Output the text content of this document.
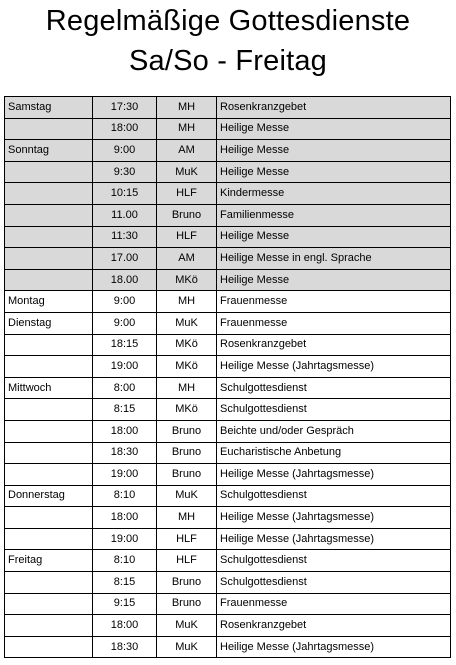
Regelmäßige Gottesdienste
Sa/So - Freitag
Samstag	17:30	MH	Rosenkranzgebet
	18:00	MH	Heilige Messe
Sonntag	9:00	AM	Heilige Messe
	9:30	MuK	Heilige Messe
	10:15	HLF	Kindermesse
	11.00	Bruno	Familienmesse
	11:30	HLF	Heilige Messe
	17.00	AM	Heilige Messe in engl. Sprache
	18.00	MKö	Heilige Messe
Montag	9:00	MH	Frauenmesse
Dienstag	9:00	MuK	Frauenmesse
	18:15	MKö	Rosenkranzgebet
	19:00	MKö	Heilige Messe (Jahrtagsmesse)
Mittwoch	8:00	MH	Schulgottesdienst
	8:15	MKö	Schulgottesdienst
	18:00	Bruno	Beichte und/oder Gespräch
	18:30	Bruno	Eucharistische Anbetung
	19:00	Bruno	Heilige Messe (Jahrtagsmesse)
Donnerstag	8:10	MuK	Schulgottesdienst
	18:00	MH	Heilige Messe (Jahrtagsmesse)
	19:00	HLF	Heilige Messe (Jahrtagsmesse)
Freitag	8:10	HLF	Schulgottesdienst
	8:15	Bruno	Schulgottesdienst
	9:15	Bruno	Frauenmesse
	18:00	MuK	Rosenkranzgebet
	18:30	MuK	Heilige Messe (Jahrtagsmesse)
